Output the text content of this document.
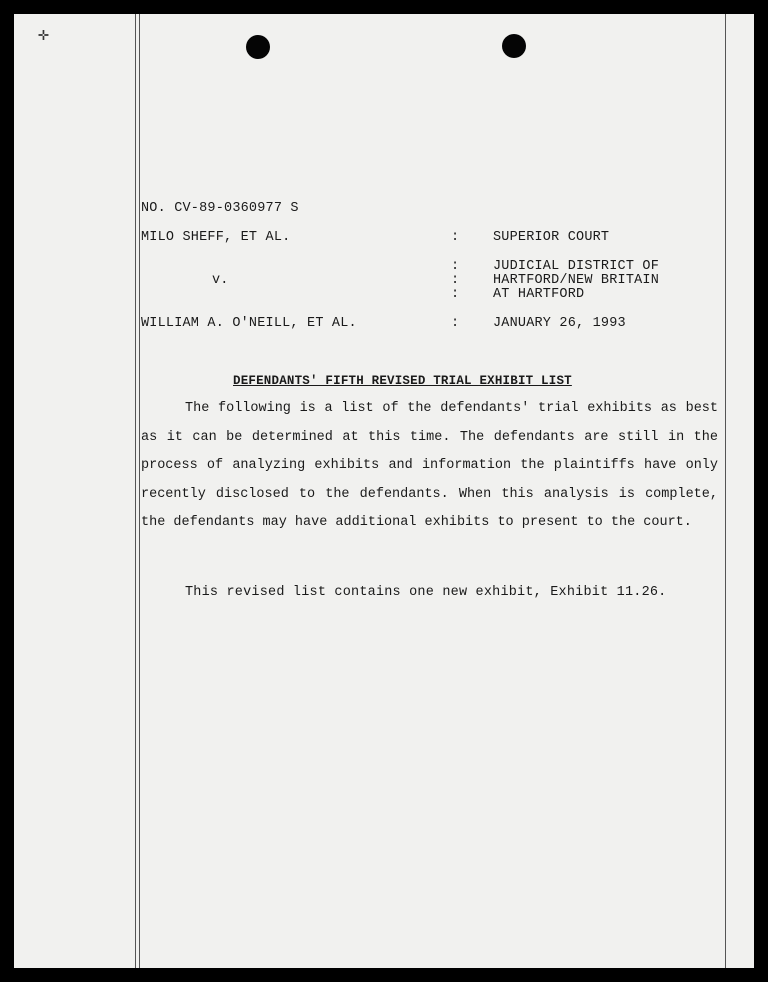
✛
NO. CV-89-0360977 S
MILO SHEFF, ET AL.	: SUPERIOR COURT
: JUDICIAL DISTRICT OF
v.	: HARTFORD/NEW BRITAIN
: AT HARTFORD
WILLIAM A. O'NEILL, ET AL.	: JANUARY 26, 1993
DEFENDANTS' FIFTH REVISED TRIAL EXHIBIT LIST

The following is a list of the defendants' trial exhibits as best as it can be determined at this time. The defendants are still in the process of analyzing exhibits and information the plaintiffs have only recently disclosed to the defendants. When this analysis is complete, the defendants may have additional exhibits to present to the court.

This revised list contains one new exhibit, Exhibit 11.26.
